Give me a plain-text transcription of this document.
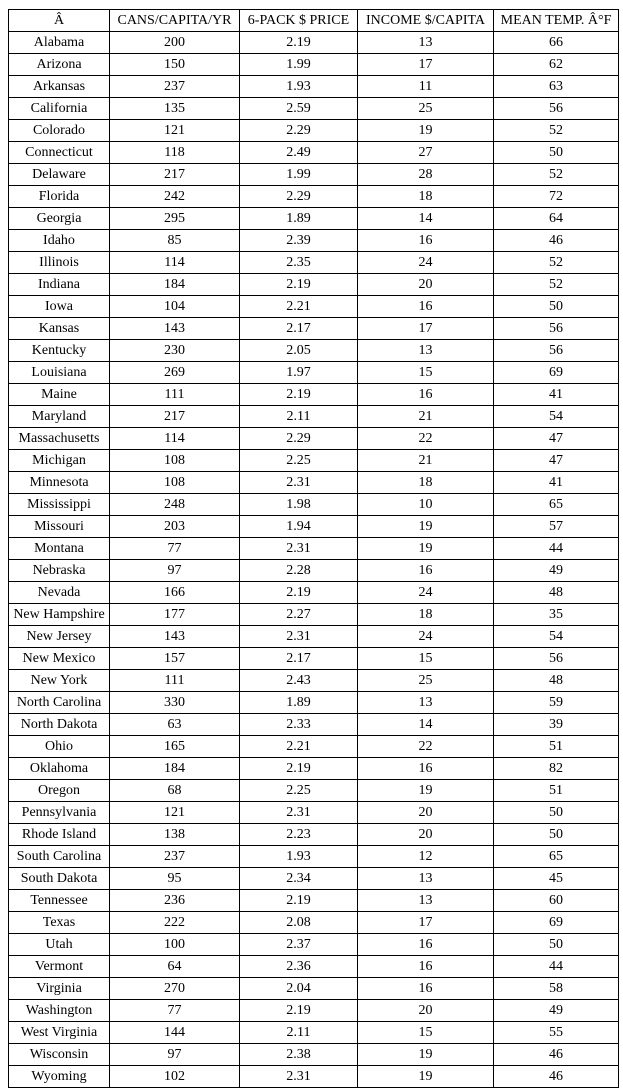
Â	CANS/CAPITA/YR	6-PACK $ PRICE	INCOME $/CAPITA	MEAN TEMP. Â°F
Alabama	200	2.19	13	66
Arizona	150	1.99	17	62
Arkansas	237	1.93	11	63
California	135	2.59	25	56
Colorado	121	2.29	19	52
Connecticut	118	2.49	27	50
Delaware	217	1.99	28	52
Florida	242	2.29	18	72
Georgia	295	1.89	14	64
Idaho	85	2.39	16	46
Illinois	114	2.35	24	52
Indiana	184	2.19	20	52
Iowa	104	2.21	16	50
Kansas	143	2.17	17	56
Kentucky	230	2.05	13	56
Louisiana	269	1.97	15	69
Maine	111	2.19	16	41
Maryland	217	2.11	21	54
Massachusetts	114	2.29	22	47
Michigan	108	2.25	21	47
Minnesota	108	2.31	18	41
Mississippi	248	1.98	10	65
Missouri	203	1.94	19	57
Montana	77	2.31	19	44
Nebraska	97	2.28	16	49
Nevada	166	2.19	24	48
New Hampshire	177	2.27	18	35
New Jersey	143	2.31	24	54
New Mexico	157	2.17	15	56
New York	111	2.43	25	48
North Carolina	330	1.89	13	59
North Dakota	63	2.33	14	39
Ohio	165	2.21	22	51
Oklahoma	184	2.19	16	82
Oregon	68	2.25	19	51
Pennsylvania	121	2.31	20	50
Rhode Island	138	2.23	20	50
South Carolina	237	1.93	12	65
South Dakota	95	2.34	13	45
Tennessee	236	2.19	13	60
Texas	222	2.08	17	69
Utah	100	2.37	16	50
Vermont	64	2.36	16	44
Virginia	270	2.04	16	58
Washington	77	2.19	20	49
West Virginia	144	2.11	15	55
Wisconsin	97	2.38	19	46
Wyoming	102	2.31	19	46
